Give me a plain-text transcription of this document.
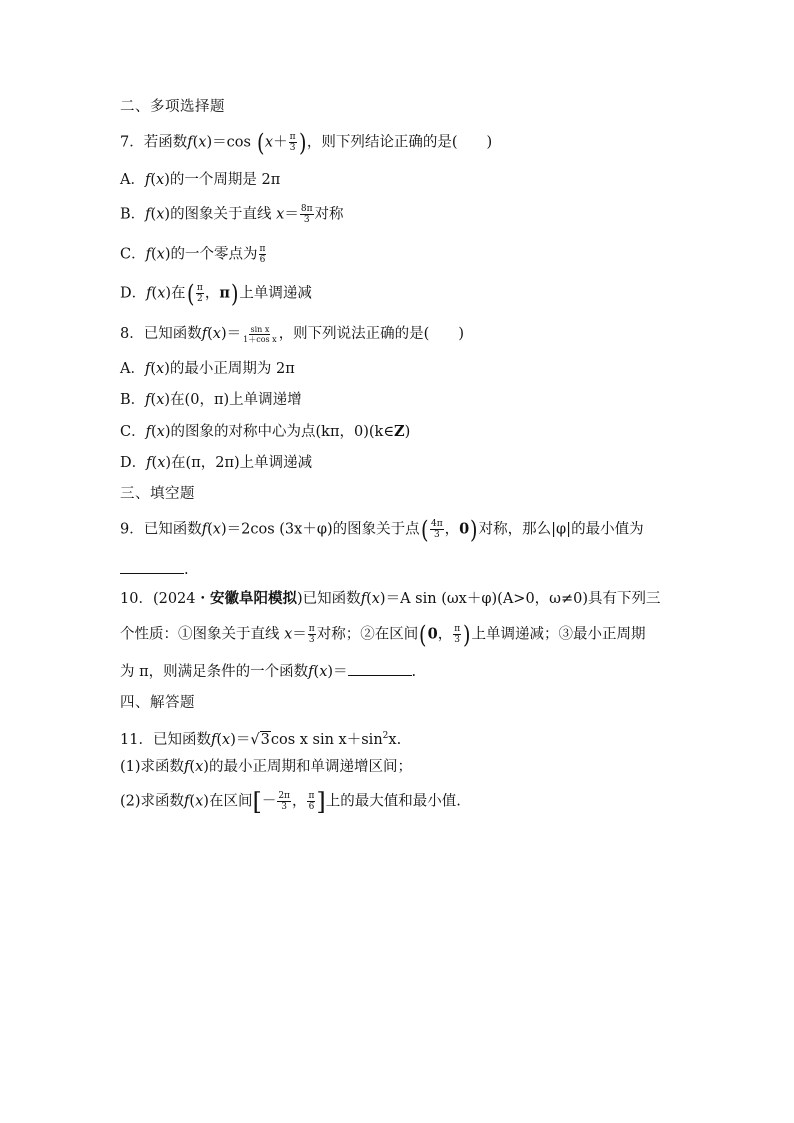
二、多项选择题
7．若函数f(x)＝cos ($x+ \frac{\pi}{3}$ )，则下列结论正确的是(　　)
A．f(x)的一个周期是 2π
B．f(x)的图象关于直线 $x= \frac{8\pi}{3}$ 对称
C．f(x)的一个零点为 $\frac{\pi}{6}$
D．f(x)在( $\frac{\pi}{2}$ ，π)上单调递减
8．已知函数$f(x)= \frac{\text{sin x}}{\text{1＋cos x}}$ ，则下列说法正确的是(　　)
A．f(x)的最小正周期为 2π
B．f(x)在(0，π)上单调递增
C．f(x)的图象的对称中心为点(kπ，0)(k∈Z)
D．f(x)在(π，2π)上单调递减
三、填空题
9．已知函数f(x)＝2cos (3x＋φ)的图象关于点( $\frac{4\pi}{3}$ ，0)对称，那么|φ|的最小值为
.
10．(2024・安徽阜阳模拟)已知函数f(x)＝A sin (ωx＋φ)(A>0，ω≠0)具有下列三
个性质：①图象关于直线 $x= \frac{\pi}{3}$ 对称；②在区间(0， $\frac{\pi}{3}$ )上单调递减；③最小正周期
为 π，则满足条件的一个函数f(x)＝	.
四、解答题
11．已知函数f(x)＝√3cos x $\sin x+\sin^2x$.
(1)求函数f(x)的最小正周期和单调递增区间；
(2)求函数f(x)在区间[－ $\frac{2\pi}{3}$ ， $\frac{\pi}{6}$ ]上的最大值和最小值.
